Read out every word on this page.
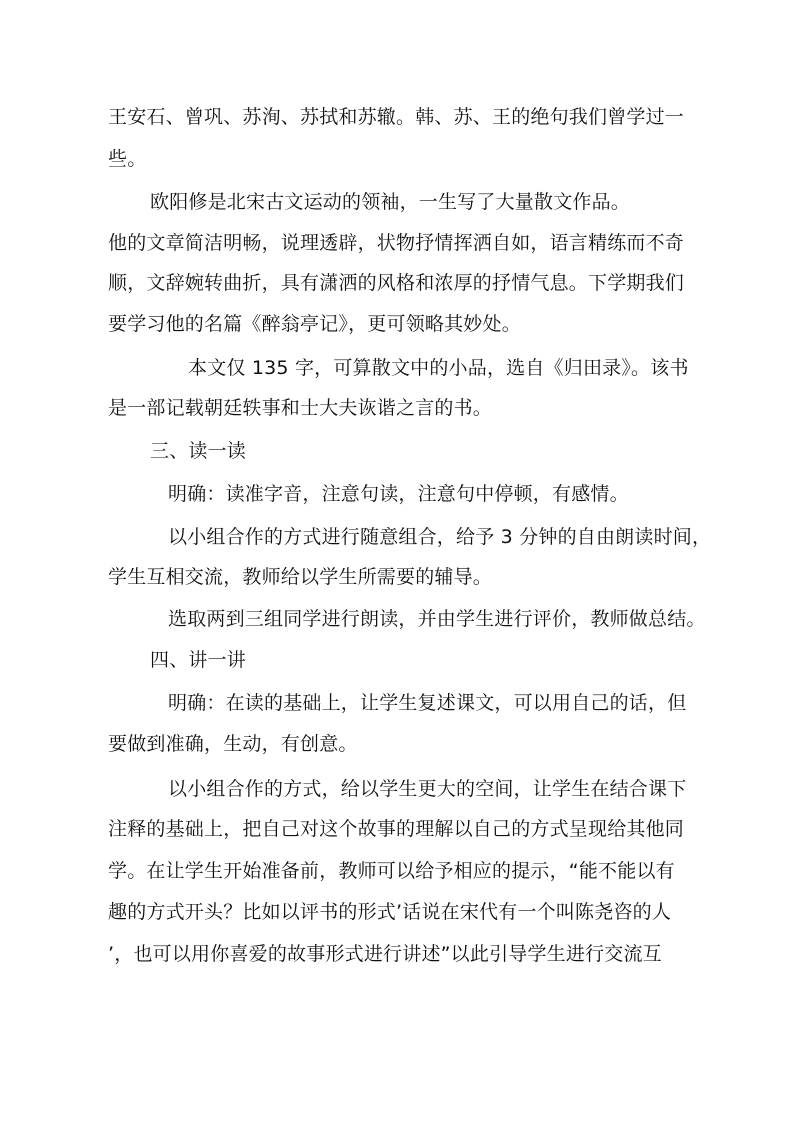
王安石、曾巩、苏洵、苏拭和苏辙。韩、苏、王的绝句我们曾学过一
些。
欧阳修是北宋古文运动的领袖，一生写了大量散文作品。
他的文章简洁明畅，说理透辟，状物抒情挥洒自如，语言精练而不奇
顺，文辞婉转曲折，具有潇洒的风格和浓厚的抒情气息。下学期我们
要学习他的名篇《醉翁亭记》，更可领略其妙处。
本文仅 135 字，可算散文中的小品，选自《归田录》。该书
是一部记载朝廷轶事和士大夫诙谐之言的书。
三、读一读
明确：读准字音，注意句读，注意句中停顿，有感情。
以小组合作的方式进行随意组合，给予 3 分钟的自由朗读时间，
学生互相交流，教师给以学生所需要的辅导。
选取两到三组同学进行朗读，并由学生进行评价，教师做总结。
四、讲一讲
明确：在读的基础上，让学生复述课文，可以用自己的话，但
要做到准确，生动，有创意。
以小组合作的方式，给以学生更大的空间，让学生在结合课下
注释的基础上，把自己对这个故事的理解以自己的方式呈现给其他同
学。在让学生开始准备前，教师可以给予相应的提示，“能不能以有
趣的方式开头？比如以评书的形式’话说在宋代有一个叫陈尧咨的人
’，也可以用你喜爱的故事形式进行讲述”以此引导学生进行交流互
